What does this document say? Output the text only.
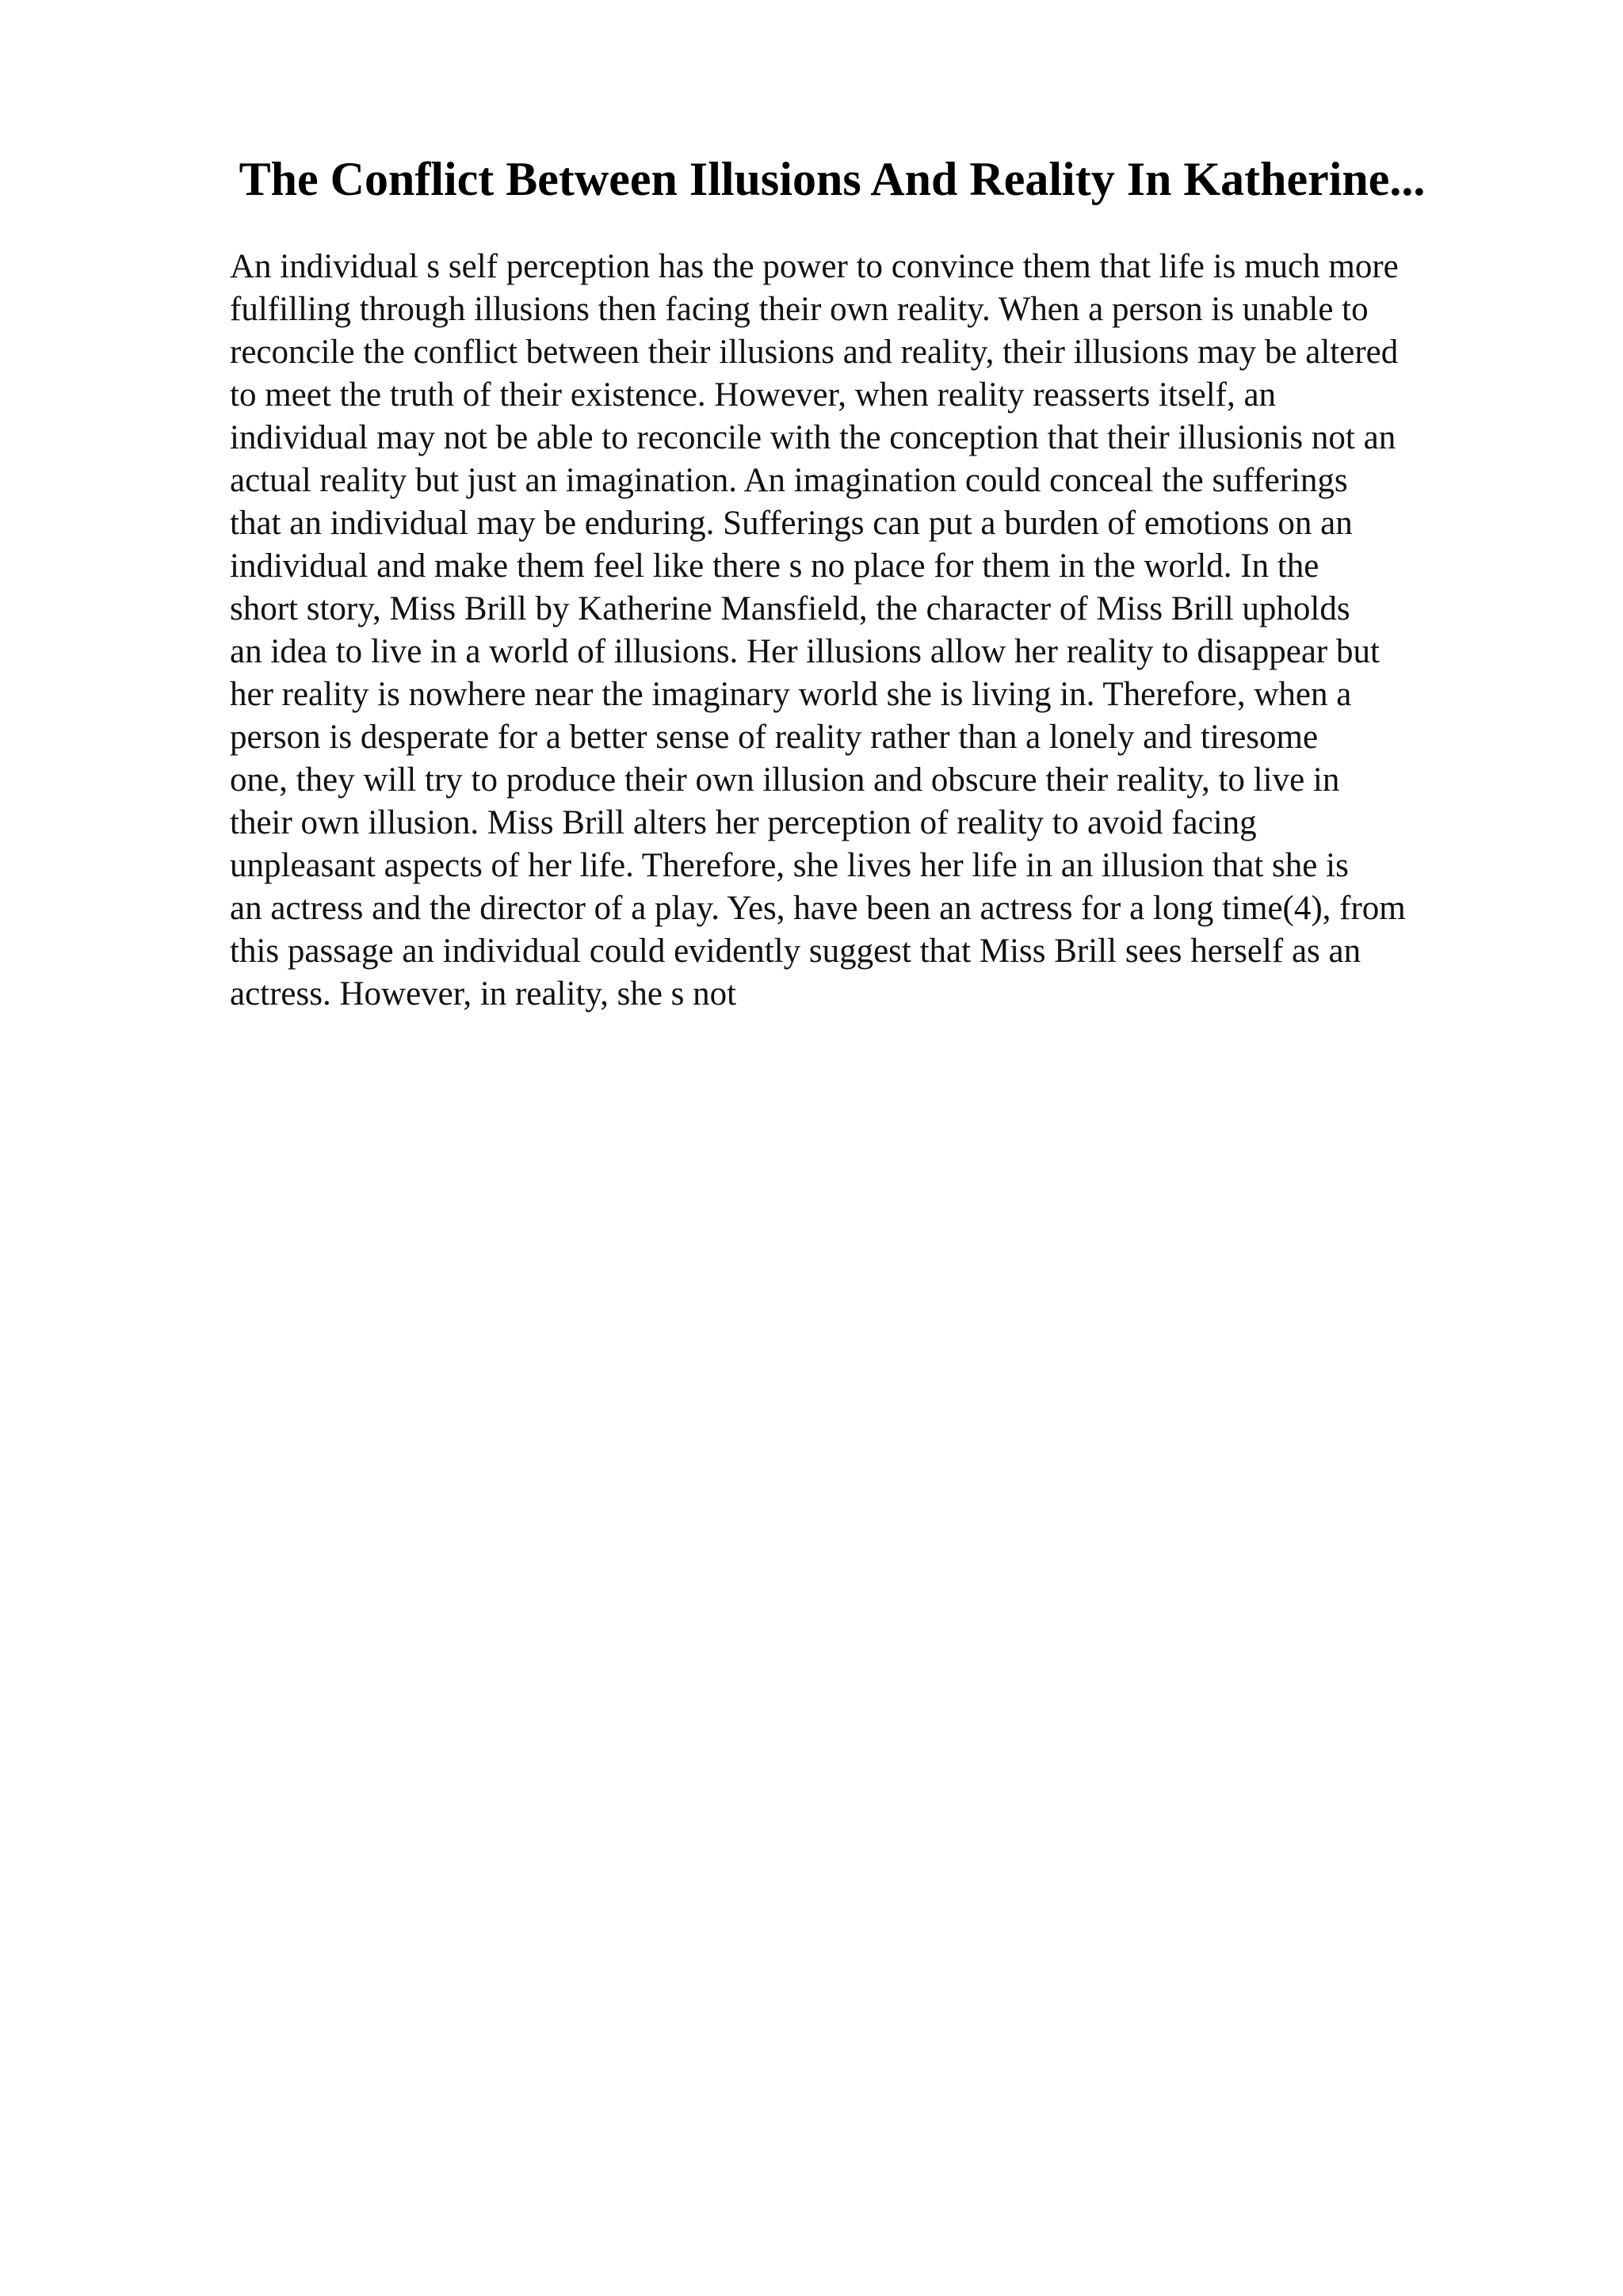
The Conflict Between Illusions And Reality In Katherine...
An individual s self perception has the power to convince them that life is much more
fulfilling through illusions then facing their own reality. When a person is unable to
reconcile the conflict between their illusions and reality, their illusions may be altered
to meet the truth of their existence. However, when reality reasserts itself, an
individual may not be able to reconcile with the conception that their illusionis not an
actual reality but just an imagination. An imagination could conceal the sufferings
that an individual may be enduring. Sufferings can put a burden of emotions on an
individual and make them feel like there s no place for them in the world. In the
short story, Miss Brill by Katherine Mansfield, the character of Miss Brill upholds
an idea to live in a world of illusions. Her illusions allow her reality to disappear but
her reality is nowhere near the imaginary world she is living in. Therefore, when a
person is desperate for a better sense of reality rather than a lonely and tiresome
one, they will try to produce their own illusion and obscure their reality, to live in
their own illusion. Miss Brill alters her perception of reality to avoid facing
unpleasant aspects of her life. Therefore, she lives her life in an illusion that she is
an actress and the director of a play. Yes, have been an actress for a long time(4), from
this passage an individual could evidently suggest that Miss Brill sees herself as an
actress. However, in reality, she s not
